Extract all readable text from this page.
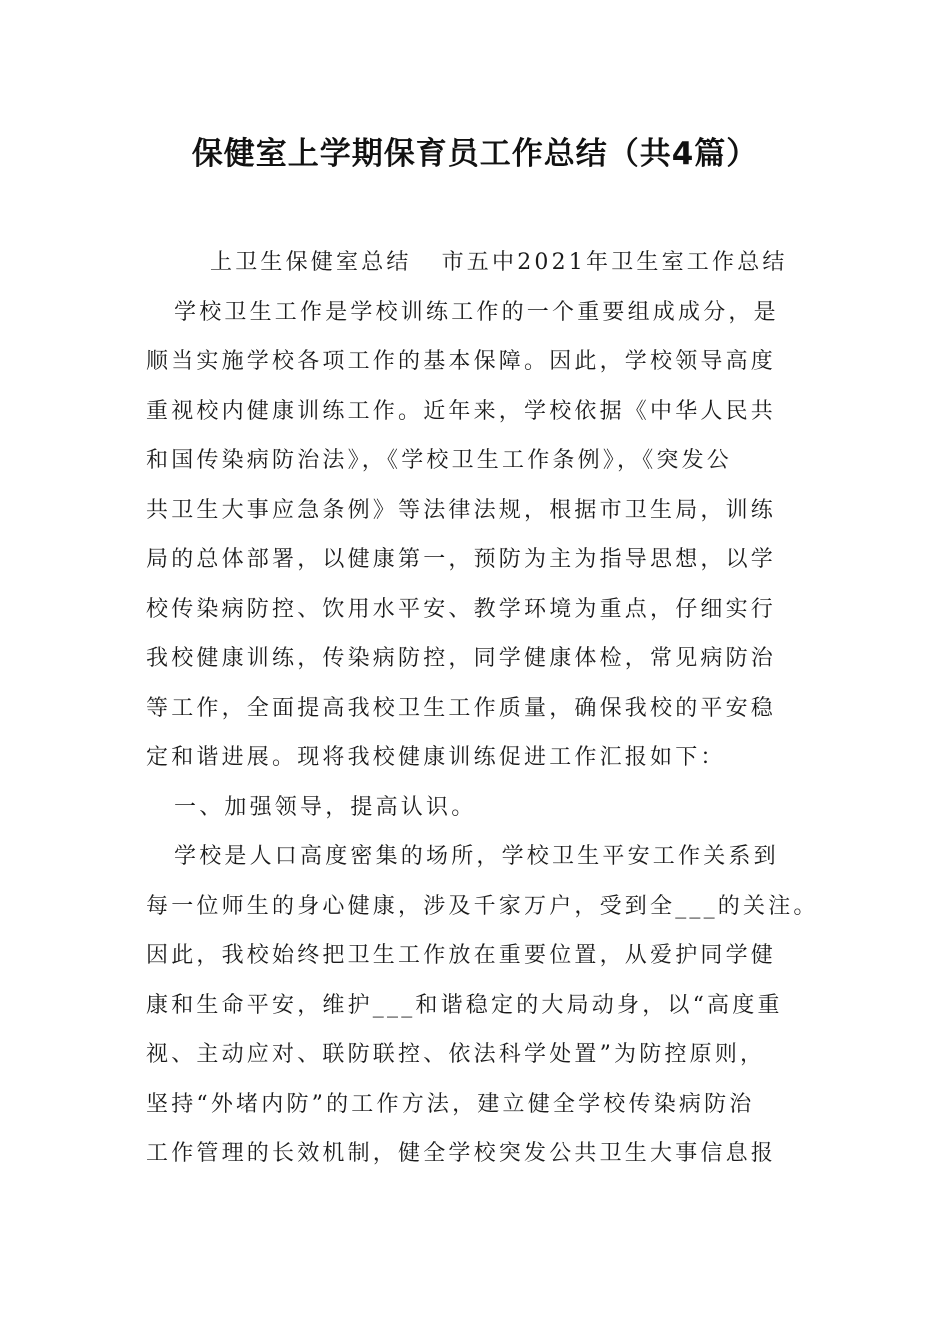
保健室上学期保育员工作总结（共4篇）
上卫生保健室总结 市五中2021年卫生室工作总结
学校卫生工作是学校训练工作的一个重要组成成分，是
顺当实施学校各项工作的基本保障。因此，学校领导高度
重视校内健康训练工作。近年来，学校依据《中华人民共
和国传染病防治法》，《学校卫生工作条例》，《突发公
共卫生大事应急条例》等法律法规，根据市卫生局，训练
局的总体部署，以健康第一，预防为主为指导思想，以学
校传染病防控、饮用水平安、教学环境为重点，仔细实行
我校健康训练，传染病防控，同学健康体检，常见病防治
等工作，全面提高我校卫生工作质量，确保我校的平安稳
定和谐进展。现将我校健康训练促进工作汇报如下：
一、加强领导，提高认识。
学校是人口高度密集的场所，学校卫生平安工作关系到
每一位师生的身心健康，涉及千家万户，受到全___的关注。
因此，我校始终把卫生工作放在重要位置，从爱护同学健
康和生命平安，维护___和谐稳定的大局动身，以“高度重
视、主动应对、联防联控、依法科学处置”为防控原则，
坚持“外堵内防”的工作方法，建立健全学校传染病防治
工作管理的长效机制，健全学校突发公共卫生大事信息报
